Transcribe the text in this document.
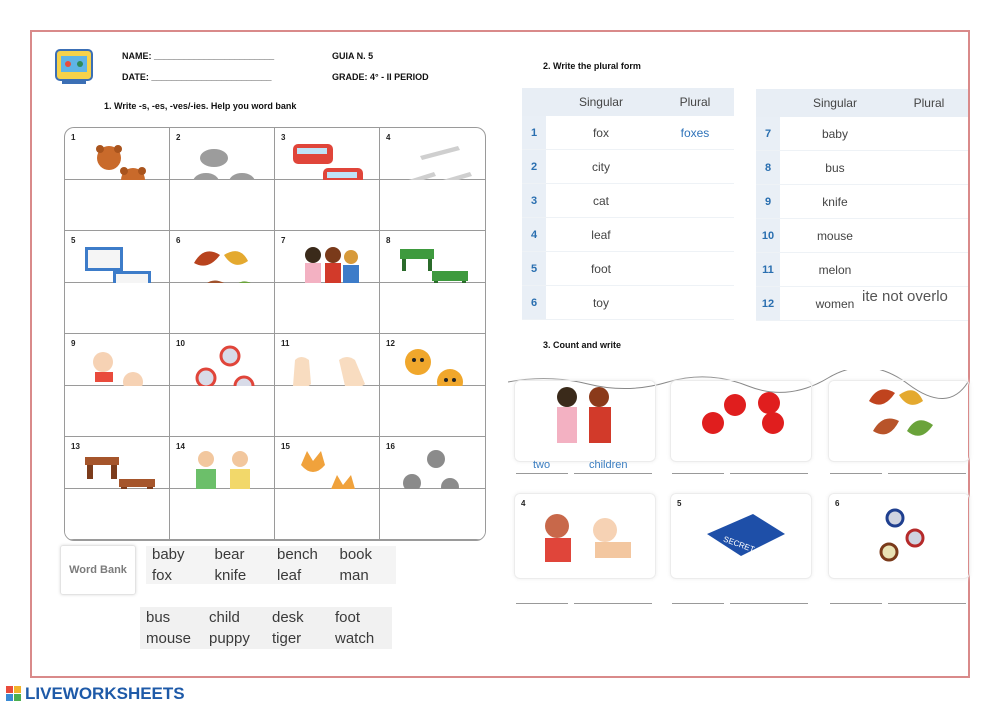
NAME: ________________________
DATE: ________________________
GUIA N. 5
GRADE: 4° - II PERIOD
1. Write -s, -es, -ves/-ies. Help you word bank
1	2	3	4
5	6	7	8
9	10	11	12
13	14	15	16
Word Bank
baby	bear	bench	book
fox	knife	leaf	man
bus	child	desk	foot
mouse	puppy	tiger	watch
2. Write the plural form
	Singular	Plural
1	fox	foxes
2	city	
3	cat	
4	leaf	
5	foot	
6	toy	
	Singular	Plural
7	baby	
8	bus	
9	knife	
10	mouse	
11	melon	
12	women	ite not overlo
3. Count and write
two	children
4	5
SECRET
6
LIVEWORKSHEETS
